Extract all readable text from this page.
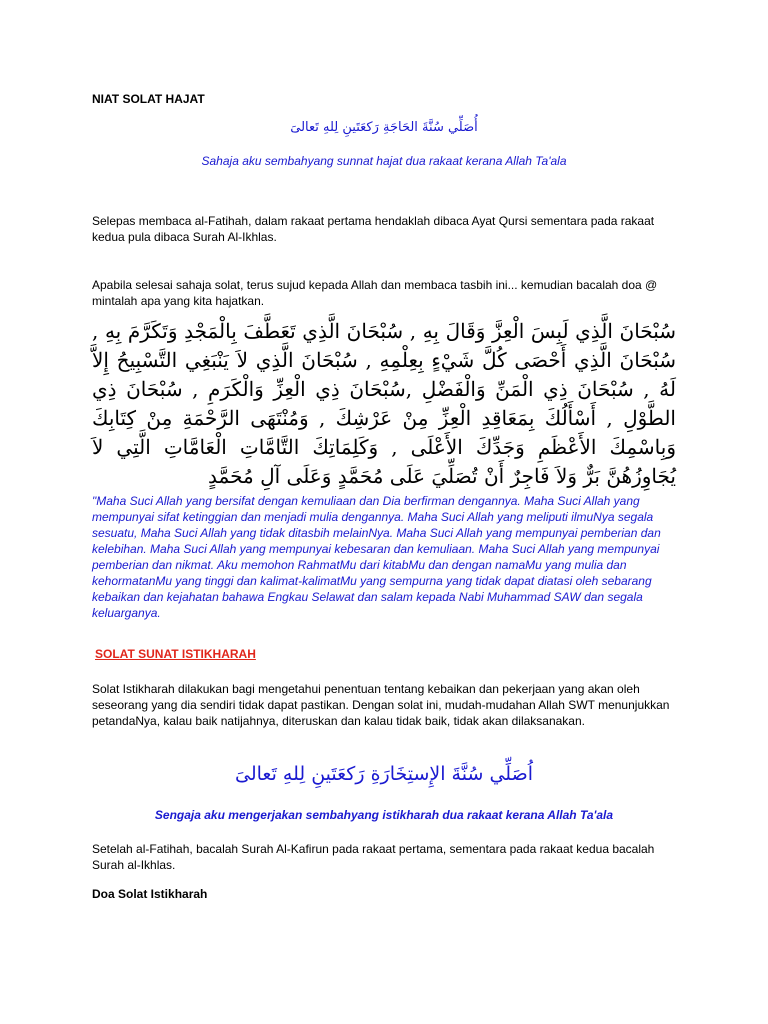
NIAT SOLAT HAJAT
أُصَلِّي سُنَّةَ الحَاجَةِ رَكعَتَينِ لِلهِ تَعالىَ
Sahaja aku sembahyang sunnat hajat dua rakaat kerana Allah Ta'ala
Selepas membaca al-Fatihah, dalam rakaat pertama hendaklah dibaca Ayat Qursi sementara pada rakaat kedua pula dibaca Surah Al-Ikhlas.
Apabila selesai sahaja solat, terus sujud kepada Allah dan membaca tasbih ini... kemudian bacalah doa @ mintalah apa yang kita hajatkan.
سُبْحَانَ الَّذِي لَبِسَ الْعِزَّ وَقَالَ بِهِ , سُبْحَانَ الَّذِي تَعَطَّفَ بِالْمَجْدِ وَتَكَرَّمَ بِهِ , سُبْحَانَ الَّذِي أَحْصَى كُلَّ شَيْءٍ بِعِلْمِهِ , سُبْحَانَ الَّذِي لاَ يَنْبَغِي التَّسْبِيحُ إِلاَّ لَهُ , سُبْحَانَ ذِي الْمَنِّ وَالْفَضْلِ ,سُبْحَانَ ذِي الْعِزِّ وَالْكَرَمِ , سُبْحَانَ ذِي الطَّوْلِ , أَسْأَلُكَ بِمَعَاقِدِ الْعِزِّ مِنْ عَرْشِكَ , وَمُنْتَهَى الرَّحْمَةِ مِنْ كِتَابِكَ وَبِاسْمِكَ الأَعْظَمِ وَجَدِّكَ الأَعْلَى , وَكَلِمَاتِكَ التَّامَّاتِ الْعَامَّاتِ الَّتِي لاَ يُجَاوِزُهُنَّ بَرٌّ وَلاَ فَاجِرٌ أَنْ تُصَلِّيَ عَلَى مُحَمَّدٍ وَعَلَى آلِ مُحَمَّدٍ
"Maha Suci Allah yang bersifat dengan kemuliaan dan Dia berfirman dengannya. Maha Suci Allah yang mempunyai sifat ketinggian dan menjadi mulia dengannya. Maha Suci Allah yang meliputi ilmuNya segala sesuatu, Maha Suci Allah yang tidak ditasbih melainNya. Maha Suci Allah yang mempunyai pemberian dan kelebihan. Maha Suci Allah yang mempunyai kebesaran dan kemuliaan. Maha Suci Allah yang mempunyai pemberian dan nikmat. Aku memohon RahmatMu dari kitabMu dan dengan namaMu yang mulia dan kehormatanMu yang tinggi dan kalimat-kalimatMu yang sempurna yang tidak dapat diatasi oleh sebarang kebaikan dan kejahatan bahawa Engkau Selawat dan salam kepada Nabi Muhammad SAW dan segala keluarganya.
SOLAT SUNAT ISTIKHARAH
Solat Istikharah dilakukan bagi mengetahui penentuan tentang kebaikan dan pekerjaan yang akan oleh seseorang yang dia sendiri tidak dapat pastikan. Dengan solat ini, mudah-mudahan Allah SWT menunjukkan petandaNya, kalau baik natijahnya, diteruskan dan kalau tidak baik, tidak akan dilaksanakan.
اُصَلِّي سُنَّةَ الإِستِخَارَةِ رَكعَتَينِ لِلهِ تَعالىَ
Sengaja aku mengerjakan sembahyang istikharah dua rakaat kerana Allah Ta'ala
Setelah al-Fatihah, bacalah Surah Al-Kafirun pada rakaat pertama, sementara pada rakaat kedua bacalah Surah al-Ikhlas.
Doa Solat Istikharah
